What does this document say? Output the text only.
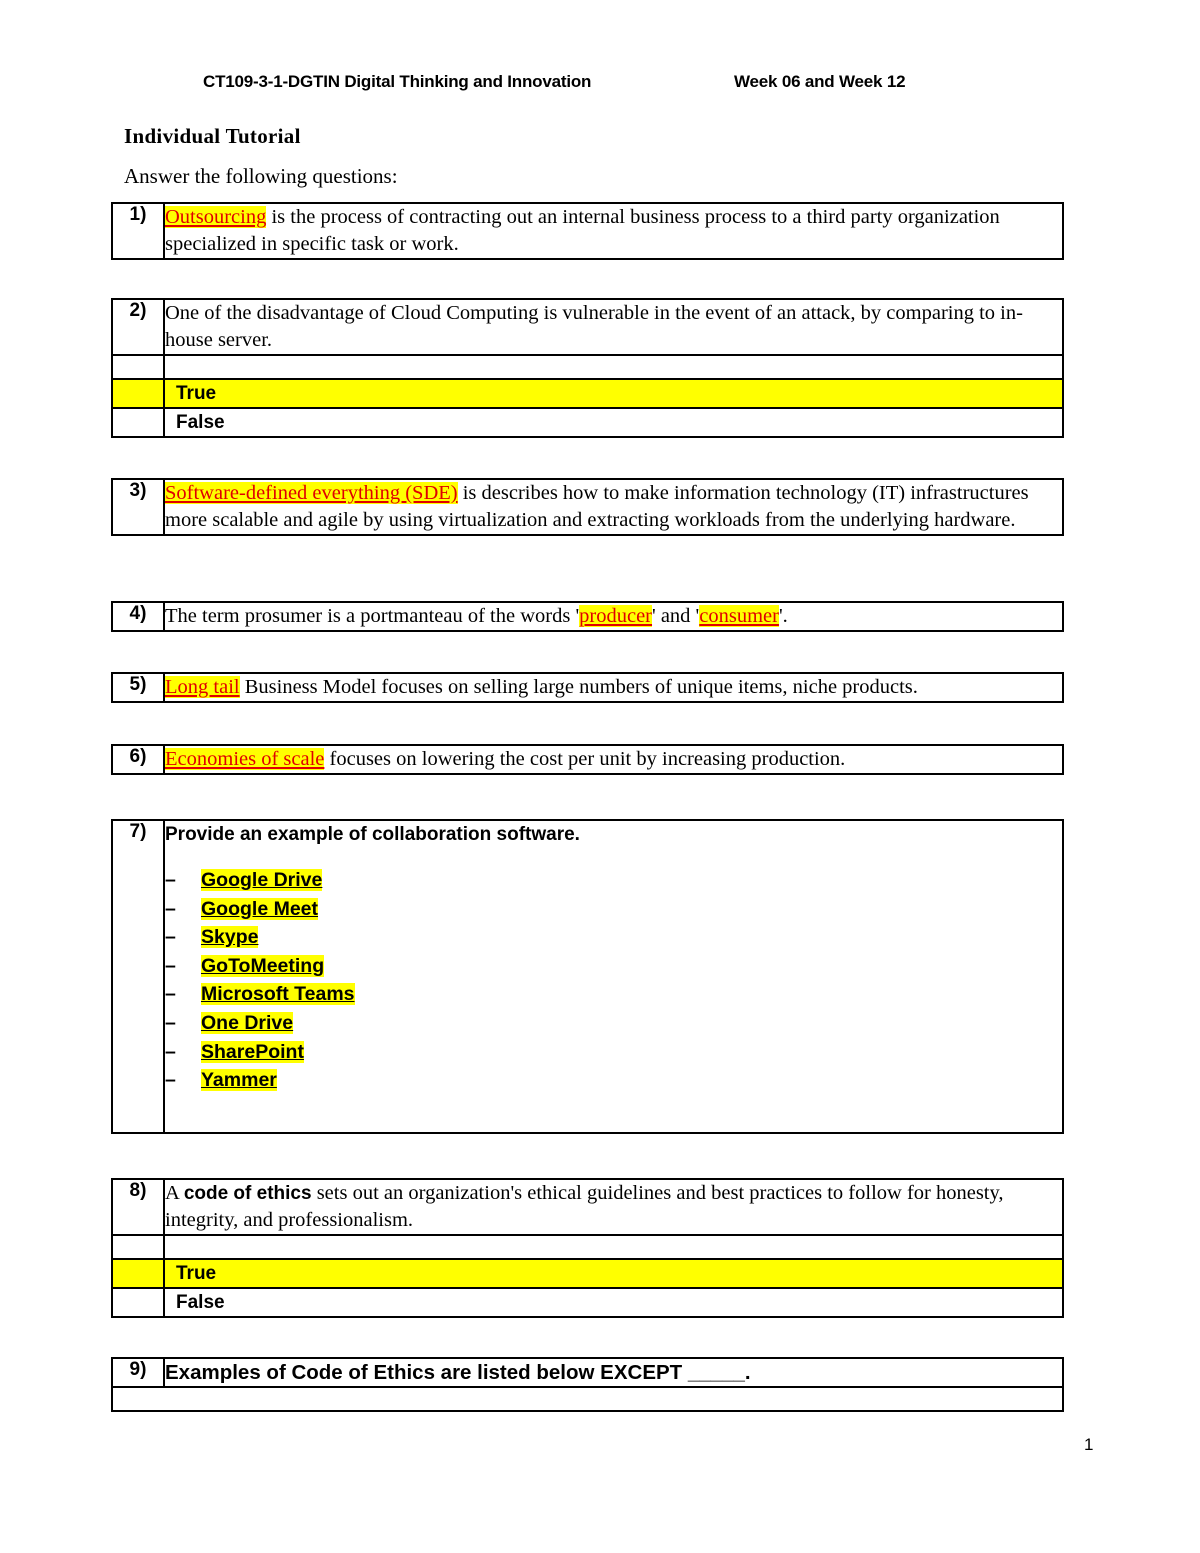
CT109-3-1-DGTIN Digital Thinking and Innovation	Week 06 and Week 12
Individual Tutorial
Answer the following questions:
1)	Outsourcing is the process of contracting out an internal business process to a third party organization specialized in specific task or work.
2)	One of the disadvantage of Cloud Computing is vulnerable in the event of an attack, by comparing to in-house server.

	True
	False
3)	Software-defined everything (SDE) is describes how to make information technology (IT) infrastructures more scalable and agile by using virtualization and extracting workloads from the underlying hardware.
4)	The term prosumer is a portmanteau of the words 'producer' and 'consumer'.
5)	Long tail Business Model focuses on selling large numbers of unique items, niche products.
6)	Economies of scale focuses on lowering the cost per unit by increasing production.
7)	Provide an example of collaboration software.
– Google Drive
– Google Meet
– Skype
– GoToMeeting
– Microsoft Teams
– One Drive
– SharePoint
– Yammer
8)	A code of ethics sets out an organization's ethical guidelines and best practices to follow for honesty, integrity, and professionalism.

	True
	False
9)	Examples of Code of Ethics are listed below EXCEPT _____.

1
